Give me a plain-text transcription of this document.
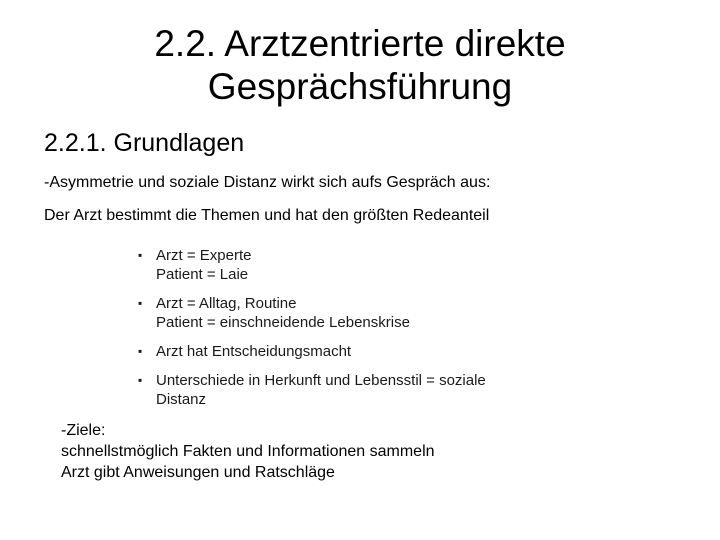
2.2. Arztzentrierte direkte
Gesprächsführung
2.2.1. Grundlagen
-Asymmetrie und soziale Distanz wirkt sich aufs Gespräch aus:
Der Arzt bestimmt die Themen und hat den größten Redeanteil
▪ Arzt = Experte
Patient = Laie
▪ Arzt = Alltag, Routine
Patient = einschneidende Lebenskrise
▪ Arzt hat Entscheidungsmacht
▪ Unterschiede in Herkunft und Lebensstil = soziale
Distanz
-Ziele:
schnellstmöglich Fakten und Informationen sammeln
Arzt gibt Anweisungen und Ratschläge
